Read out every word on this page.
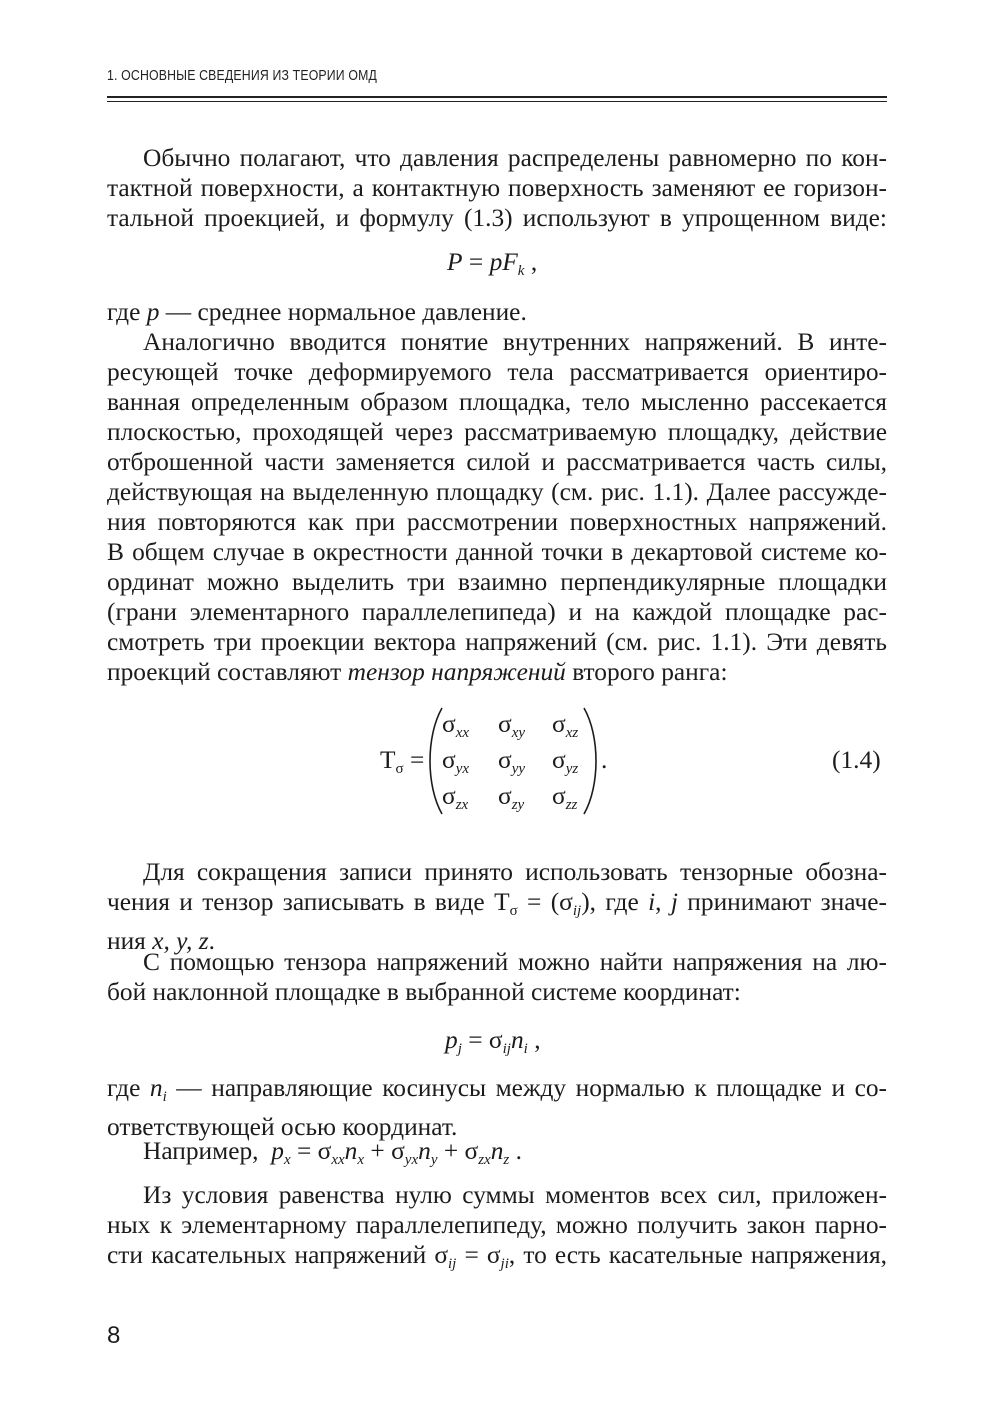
1. ОСНОВНЫЕ СВЕДЕНИЯ ИЗ ТЕОРИИ ОМД
Обычно полагают, что давления распределены равномерно по кон-
тактной поверхности, а контактную поверхность заменяют ее горизон-
тальной проекцией, и формулу (1.3) используют в упрощенном виде:
$P = pF_k$ ,
где p — среднее нормальное давление.
Аналогично вводится понятие внутренних напряжений. В инте-
ресующей точке деформируемого тела рассматривается ориентиро-
ванная определенным образом площадка, тело мысленно рассекается
плоскостью, проходящей через рассматриваемую площадку, действие
отброшенной части заменяется силой и рассматривается часть силы,
действующая на выделенную площадку (см. рис. 1.1). Далее рассужде-
ния повторяются как при рассмотрении поверхностных напряжений.
В общем случае в окрестности данной точки в декартовой системе ко-
ординат можно выделить три взаимно перпендикулярные площадки
(грани элементарного параллелепипеда) и на каждой площадке рас-
смотреть три проекции вектора напряжений (см. рис. 1.1). Эти девять
проекций составляют тензор напряжений второго ранга:
Tσ =
$\sigma_{xx}$ $\sigma_{xy}$ $\sigma_{xz}$
$\sigma_{yx}$ $\sigma_{yy}$ $\sigma_{yz}$
$\sigma_{zx}$ $\sigma_{zy}$ $\sigma_{zz}$
.	(1.4)
Для сокращения записи принято использовать тензорные обозна-
чения и тензор записывать в виде $T\sigma = (\sigma_{ij})$, где i, j принимают значе-
ния x, y, z.
С помощью тензора напряжений можно найти напряжения на лю-
бой наклонной площадке в выбранной системе координат:
$p_j = \sigma_{ij}n_i$ ,
где $n_i$ — направляющие косинусы между нормалью к площадке и со-
ответствующей осью координат.
Например, $p_x = \sigma_{xx}n_x + \sigma_{yx}n_y + \sigma_{zx}n_z$ .
Из условия равенства нулю суммы моментов всех сил, приложен-
ных к элементарному параллелепипеду, можно получить закон парно-
сти касательных напряжений $\sigma_{ij} = \sigma_{ji}$, то есть касательные напряжения,
8
